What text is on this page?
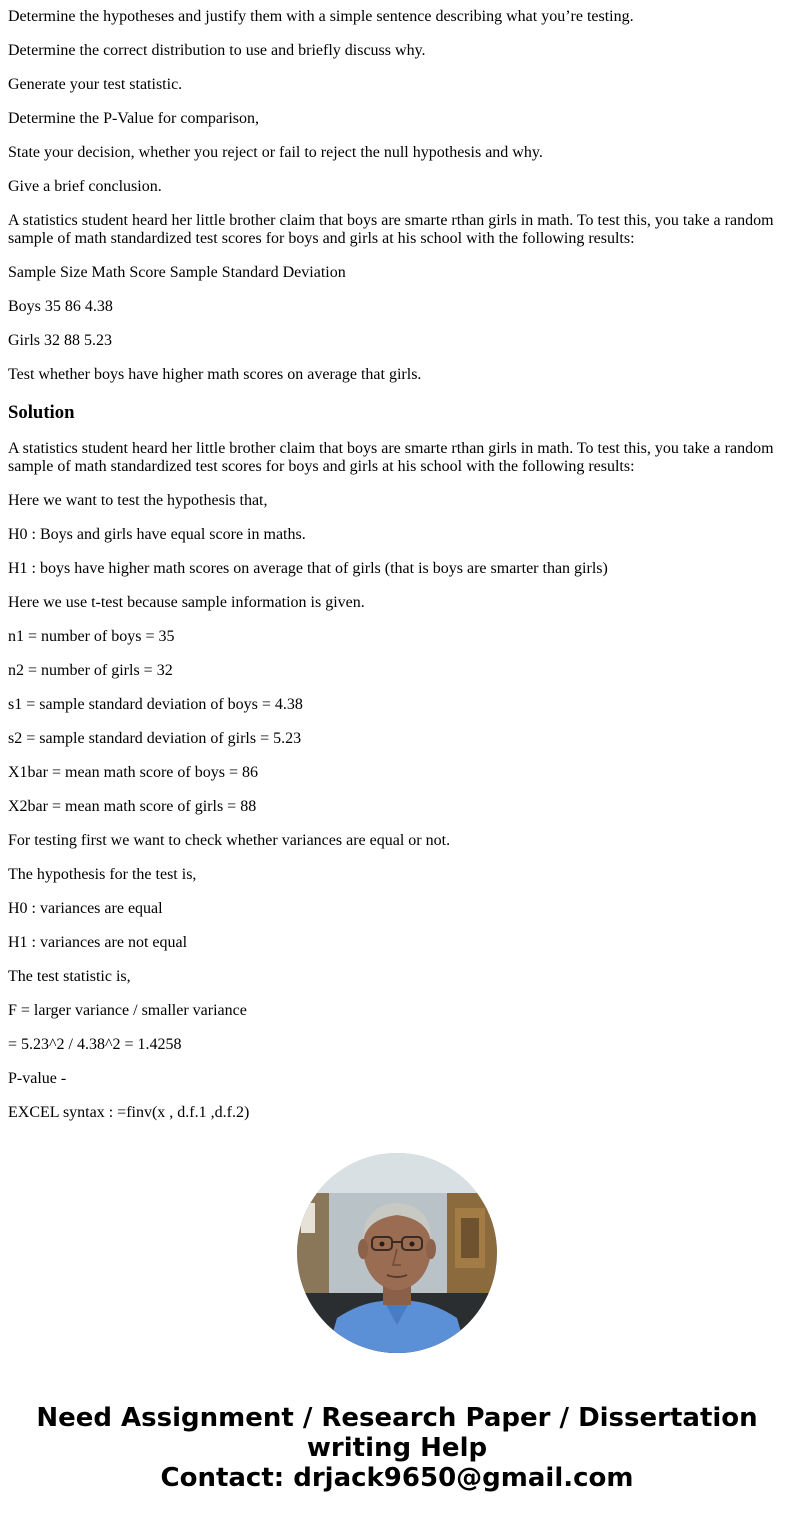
Determine the hypotheses and justify them with a simple sentence describing what you’re testing.

Determine the correct distribution to use and briefly discuss why.

Generate your test statistic.

Determine the P-Value for comparison,

State your decision, whether you reject or fail to reject the null hypothesis and why.

Give a brief conclusion.

A statistics student heard her little brother claim that boys are smarte rthan girls in math. To test this, you take a random sample of math standardized test scores for boys and girls at his school with the following results:

Sample Size Math Score Sample Standard Deviation

Boys 35 86 4.38

Girls 32 88 5.23

Test whether boys have higher math scores on average that girls.

Solution

A statistics student heard her little brother claim that boys are smarte rthan girls in math. To test this, you take a random sample of math standardized test scores for boys and girls at his school with the following results:

Here we want to test the hypothesis that,

H0 : Boys and girls have equal score in maths.

H1 : boys have higher math scores on average that of girls (that is boys are smarter than girls)

Here we use t-test because sample information is given.

n1 = number of boys = 35

n2 = number of girls = 32

s1 = sample standard deviation of boys = 4.38

s2 = sample standard deviation of girls = 5.23

X1bar = mean math score of boys = 86

X2bar = mean math score of girls = 88

For testing first we want to check whether variances are equal or not.

The hypothesis for the test is,

H0 : variances are equal

H1 : variances are not equal

The test statistic is,

F = larger variance / smaller variance

= 5.23^2 / 4.38^2 = 1.4258

P-value -

EXCEL syntax : =finv(x , d.f.1 ,d.f.2)

Need Assignment / Research Paper / Dissertation
writing Help
Contact: drjack9650@gmail.com
